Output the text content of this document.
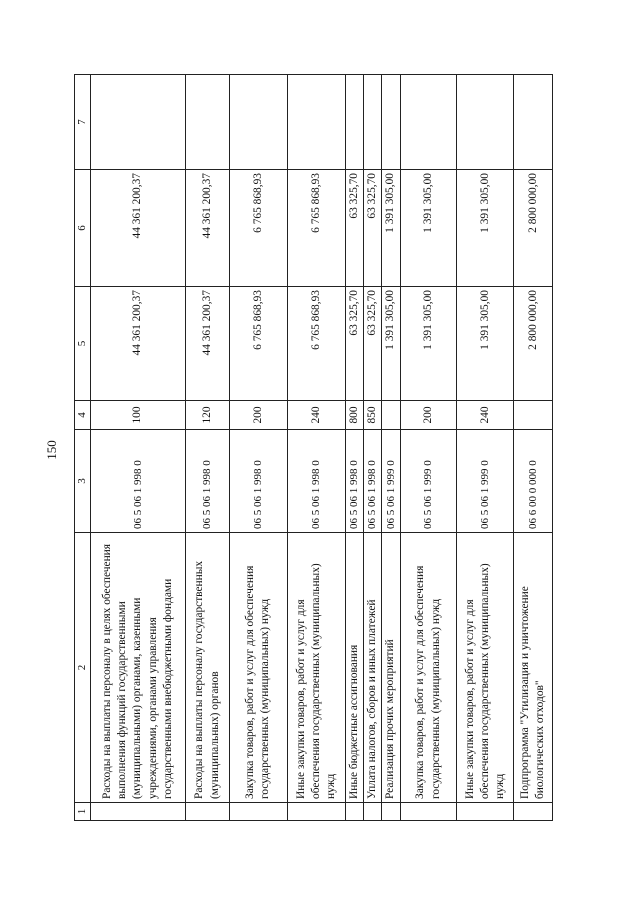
150
1	2	3	4	5	6	7
	Расходы на выплаты персоналу в целях обеспечения выполнения функций государственными (муниципальными) органами, казенными учреждениями, органами управления государственными внебюджетными фондами	06 5 06 1 998 0	100	44 361 200,37	44 361 200,37	
	Расходы на выплаты персоналу государственных (муниципальных) органов	06 5 06 1 998 0	120	44 361 200,37	44 361 200,37	
	Закупка товаров, работ и услуг для обеспечения государственных (муниципальных) нужд	06 5 06 1 998 0	200	6 765 868,93	6 765 868,93	
	Иные закупки товаров, работ и услуг для обеспечения государственных (муниципальных) нужд	06 5 06 1 998 0	240	6 765 868,93	6 765 868,93	
	Иные бюджетные ассигнования	06 5 06 1 998 0	800	63 325,70	63 325,70	
	Уплата налогов, сборов и иных платежей	06 5 06 1 998 0	850	63 325,70	63 325,70	
	Реализация прочих мероприятий	06 5 06 1 999 0		1 391 305,00	1 391 305,00	
	Закупка товаров, работ и услуг для обеспечения государственных (муниципальных) нужд	06 5 06 1 999 0	200	1 391 305,00	1 391 305,00	
	Иные закупки товаров, работ и услуг для обеспечения государственных (муниципальных) нужд	06 5 06 1 999 0	240	1 391 305,00	1 391 305,00	
	Подпрограмма "Утилизация и уничтожение биологических отходов"	06 6 00 0 000 0		2 800 000,00	2 800 000,00	
